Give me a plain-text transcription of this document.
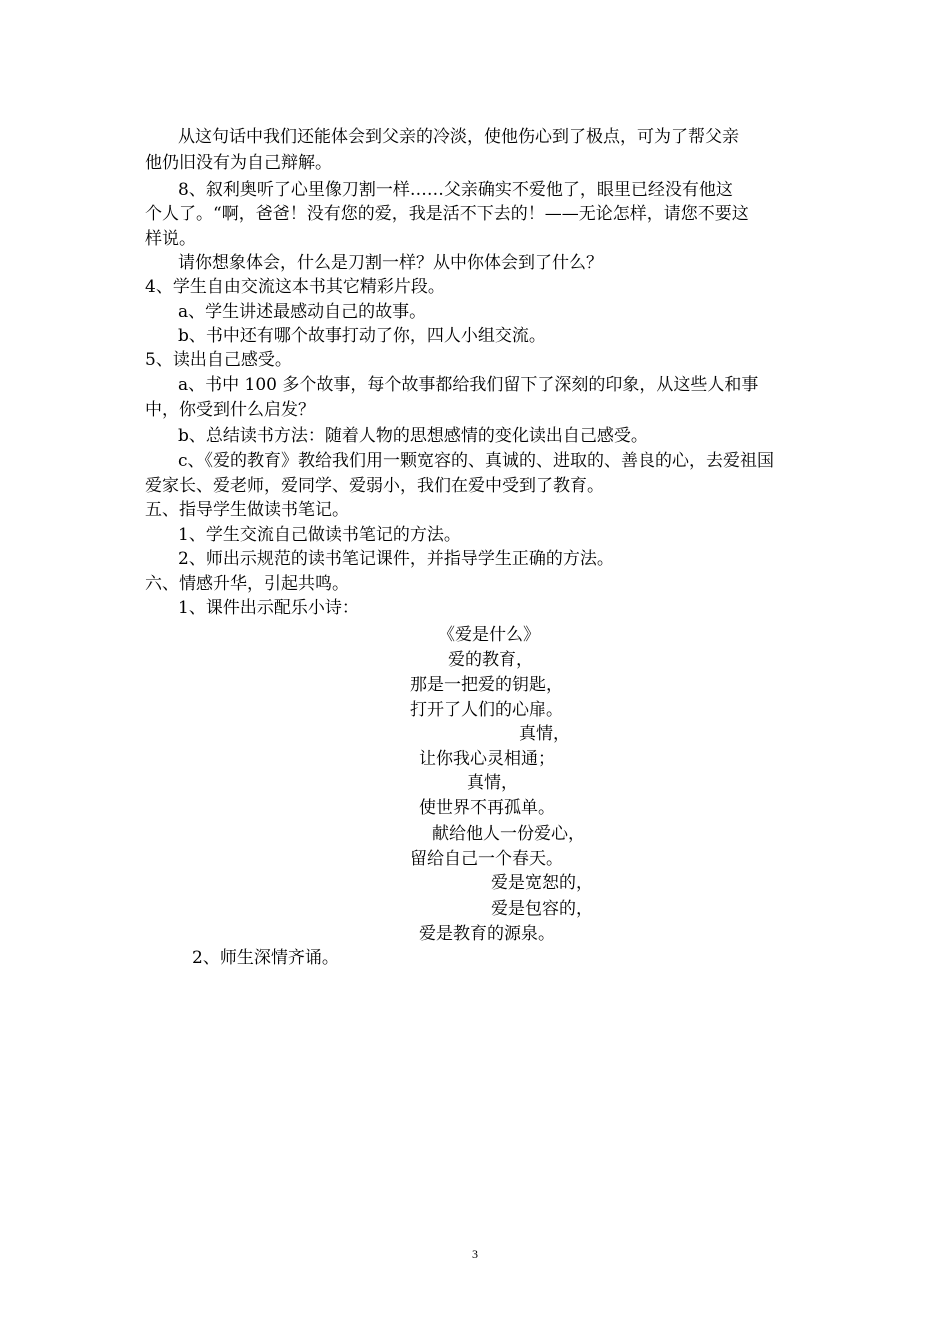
从这句话中我们还能体会到父亲的冷淡，使他伤心到了极点，可为了帮父亲
他仍旧没有为自己辩解。
8、叙利奥听了心里像刀割一样……父亲确实不爱他了，眼里已经没有他这
个人了。“啊，爸爸！没有您的爱，我是活不下去的！——无论怎样，请您不要这
样说。
请你想象体会，什么是刀割一样？从中你体会到了什么？
4、学生自由交流这本书其它精彩片段。
a、学生讲述最感动自己的故事。
b、书中还有哪个故事打动了你，四人小组交流。
5、读出自己感受。
a、书中 100 多个故事，每个故事都给我们留下了深刻的印象，从这些人和事
中，你受到什么启发？
b、总结读书方法：随着人物的思想感情的变化读出自己感受。
c、《爱的教育》教给我们用一颗宽容的、真诚的、进取的、善良的心，去爱祖国
爱家长、爱老师，爱同学、爱弱小，我们在爱中受到了教育。
五、指导学生做读书笔记。
1、学生交流自己做读书笔记的方法。
2、师出示规范的读书笔记课件，并指导学生正确的方法。
六、情感升华，引起共鸣。
1、课件出示配乐小诗：
《爱是什么》
爱的教育，
那是一把爱的钥匙，
打开了人们的心扉。
真情，
让你我心灵相通；
真情，
使世界不再孤单。
献给他人一份爱心，
留给自己一个春天。
爱是宽恕的，
爱是包容的，
爱是教育的源泉。
2、师生深情齐诵。
3
